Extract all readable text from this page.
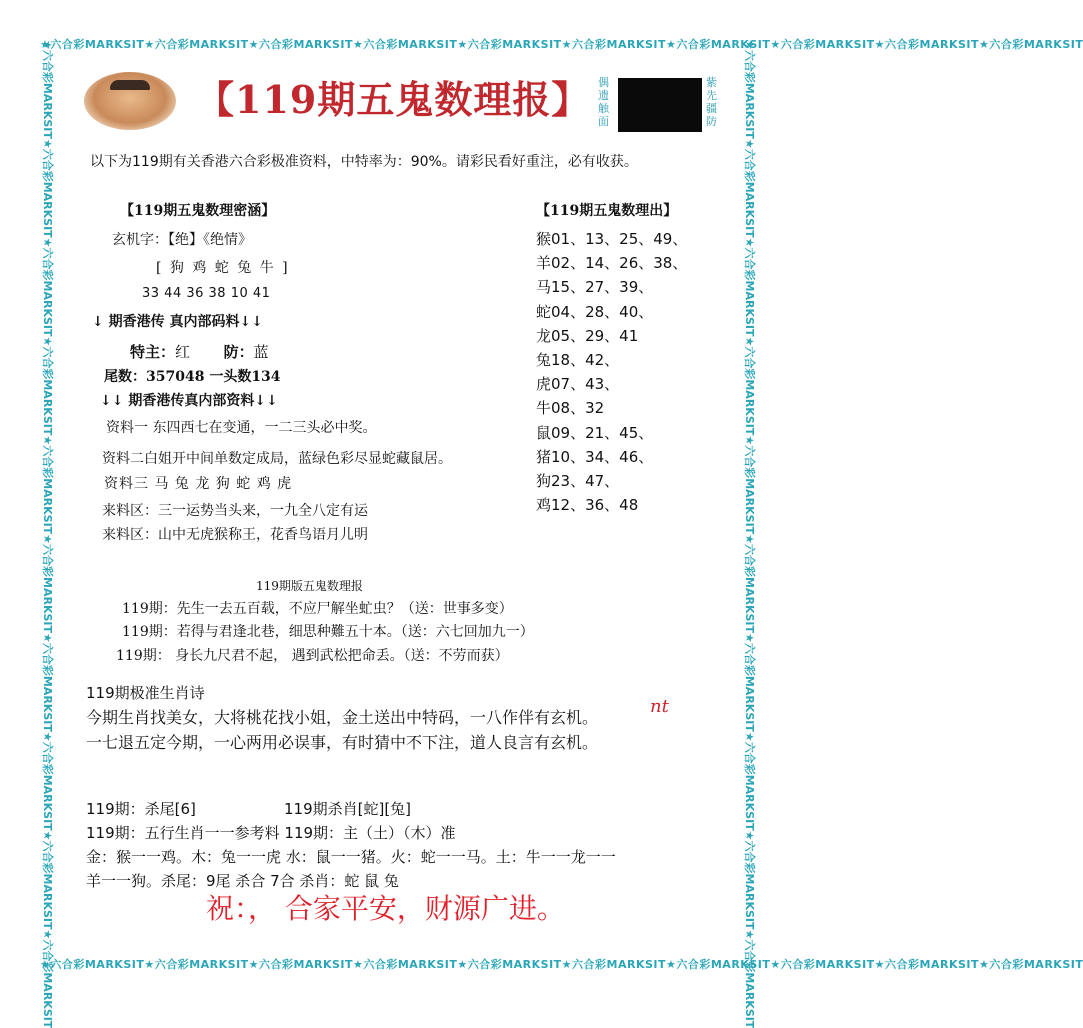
★六合彩MARKSIT★六合彩MARKSIT★六合彩MARKSIT★六合彩MARKSIT★六合彩MARKSIT★六合彩MARKSIT★六合彩MARKSIT★六合彩MARKSIT★六合彩MARKSIT★六合彩MARKSIT
★六合彩MARKSIT★六合彩MARKSIT★六合彩MARKSIT★六合彩MARKSIT★六合彩MARKSIT★六合彩MARKSIT★六合彩MARKSIT★六合彩MARKSIT★六合彩MARKSIT★六合彩MARKSIT
★六合彩MARKSIT★六合彩MARKSIT★六合彩MARKSIT★六合彩MARKSIT★六合彩MARKSIT★六合彩MARKSIT★六合彩MARKSIT★六合彩MARKSIT★六合彩MARKSIT★六合彩MARKSIT	★六合彩MARKSIT★六合彩MARKSIT★六合彩MARKSIT★六合彩MARKSIT★六合彩MARKSIT★六合彩MARKSIT★六合彩MARKSIT★六合彩MARKSIT★六合彩MARKSIT★六合彩MARKSIT
【119期五鬼数理报】 偶遗触面
紫先疆防
以下为119期有关香港六合彩极准资料，中特率为：90%。请彩民看好重注，必有收获。
【119期五鬼数理密涵】
玄机字：【绝】《绝情》
[ 狗 鸡 蛇 兔 牛 ]
33 44 36 38 10 41
↓ 期香港传 真内部码料↓↓
特主：红 防：蓝
尾数：357048 一头数134
↓↓ 期香港传真内部资料↓↓
资料一 东四西七在变通，一二三头必中奖。
资料二白姐开中间单数定成局，蓝绿色彩尽显蛇藏鼠居。
资料三 马 兔 龙 狗 蛇 鸡 虎
来料区：三一运势当头来，一九全八定有运
来料区：山中无虎猴称王，花香鸟语月儿明
【119期五鬼数理出】
猴01、13、25、49、
羊02、14、26、38、
马15、27、39、
蛇04、28、40、
龙05、29、41
兔18、42、
虎07、43、
牛08、32
鼠09、21、45、
猪10、34、46、
狗23、47、
鸡12、36、48
119期版五鬼数理报
119期：先生一去五百载，不应尸解坐虻虫？（送：世事多变）
119期：若得与君逢北巷，细思种難五十本。（送：六七回加九一）
119期： 身长九尺君不起， 遇到武松把命丢。（送：不劳而获）
119期极准生肖诗
今期生肖找美女，大将桃花找小姐，金土送出中特码，一八作伴有玄机。
一七退五定今期，一心两用必误事，有时猜中不下注，道人良言有玄机。
nt
119期：杀尾[6]	119期杀肖[蛇][兔]
119期：五行生肖一一参考料 119期：主（土）（木）准
金：猴一一鸡。木：兔一一虎 水：鼠一一猪。火：蛇一一马。土：牛一一龙一一
羊一一狗。杀尾：9尾 杀合 7合 杀肖：蛇 鼠 兔
祝：， 合家平安，财源广进。
